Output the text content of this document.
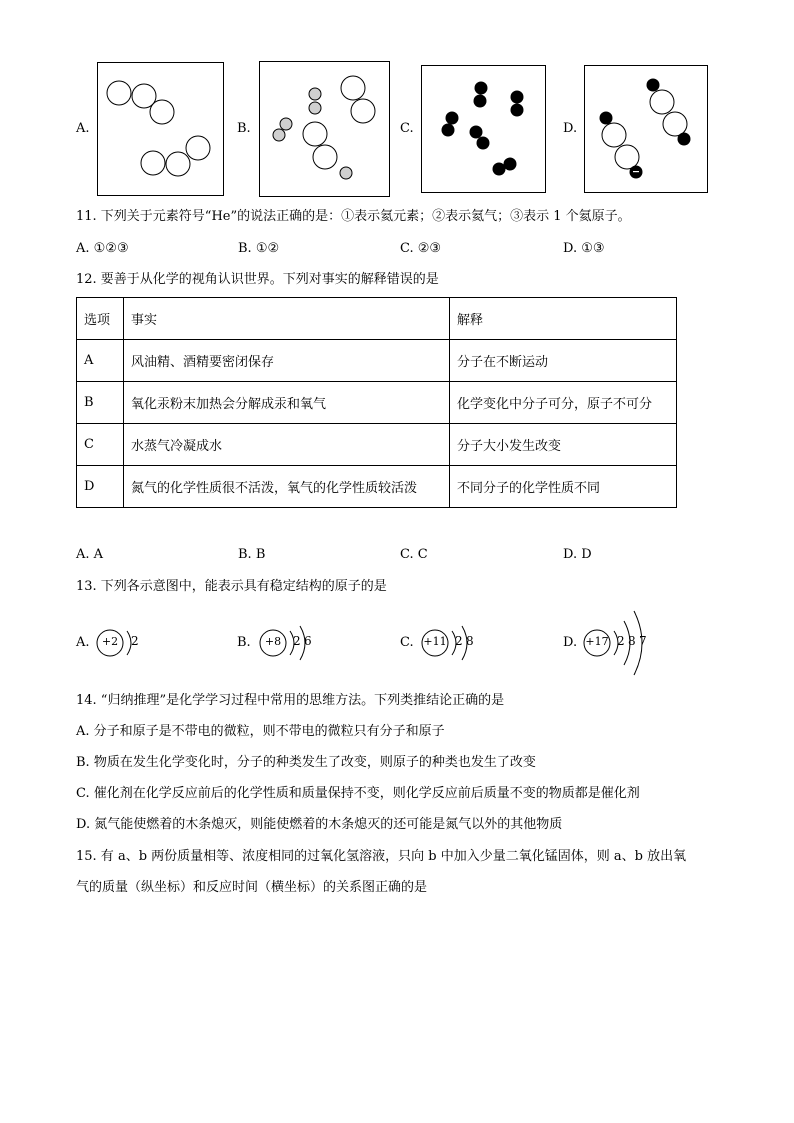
A.	B.	C.	D.
11. 下列关于元素符号“He”的说法正确的是：①表示氦元素；②表示氦气；③表示 1 个氦原子。
A. ①②③	B. ①②	C. ②③	D. ①③
12. 要善于从化学的视角认识世界。下列对事实的解释错误的是
选项	事实	解释
A	风油精、酒精要密闭保存	分子在不断运动
B	氧化汞粉末加热会分解成汞和氧气	化学变化中分子可分，原子不可分
C	水蒸气冷凝成水	分子大小发生改变
D	氮气的化学性质很不活泼，氧气的化学性质较活泼	不同分子的化学性质不同
A. A	B. B	C. C	D. D
13. 下列各示意图中，能表示具有稳定结构的原子的是
A.	+2	2	B.	+8 2 6	C. +11 2 8	D. +17 2 8 7
14. “归纳推理”是化学学习过程中常用的思维方法。下列类推结论正确的是
A. 分子和原子是不带电的微粒，则不带电的微粒只有分子和原子
B. 物质在发生化学变化时，分子的种类发生了改变，则原子的种类也发生了改变
C. 催化剂在化学反应前后的化学性质和质量保持不变，则化学反应前后质量不变的物质都是催化剂
D. 氮气能使燃着的木条熄灭，则能使燃着的木条熄灭的还可能是氮气以外的其他物质
15. 有 a、b 两份质量相等、浓度相同的过氧化氢溶液，只向 b 中加入少量二氧化锰固体，则 a、b 放出氧
气的质量（纵坐标）和反应时间（横坐标）的关系图正确的是
